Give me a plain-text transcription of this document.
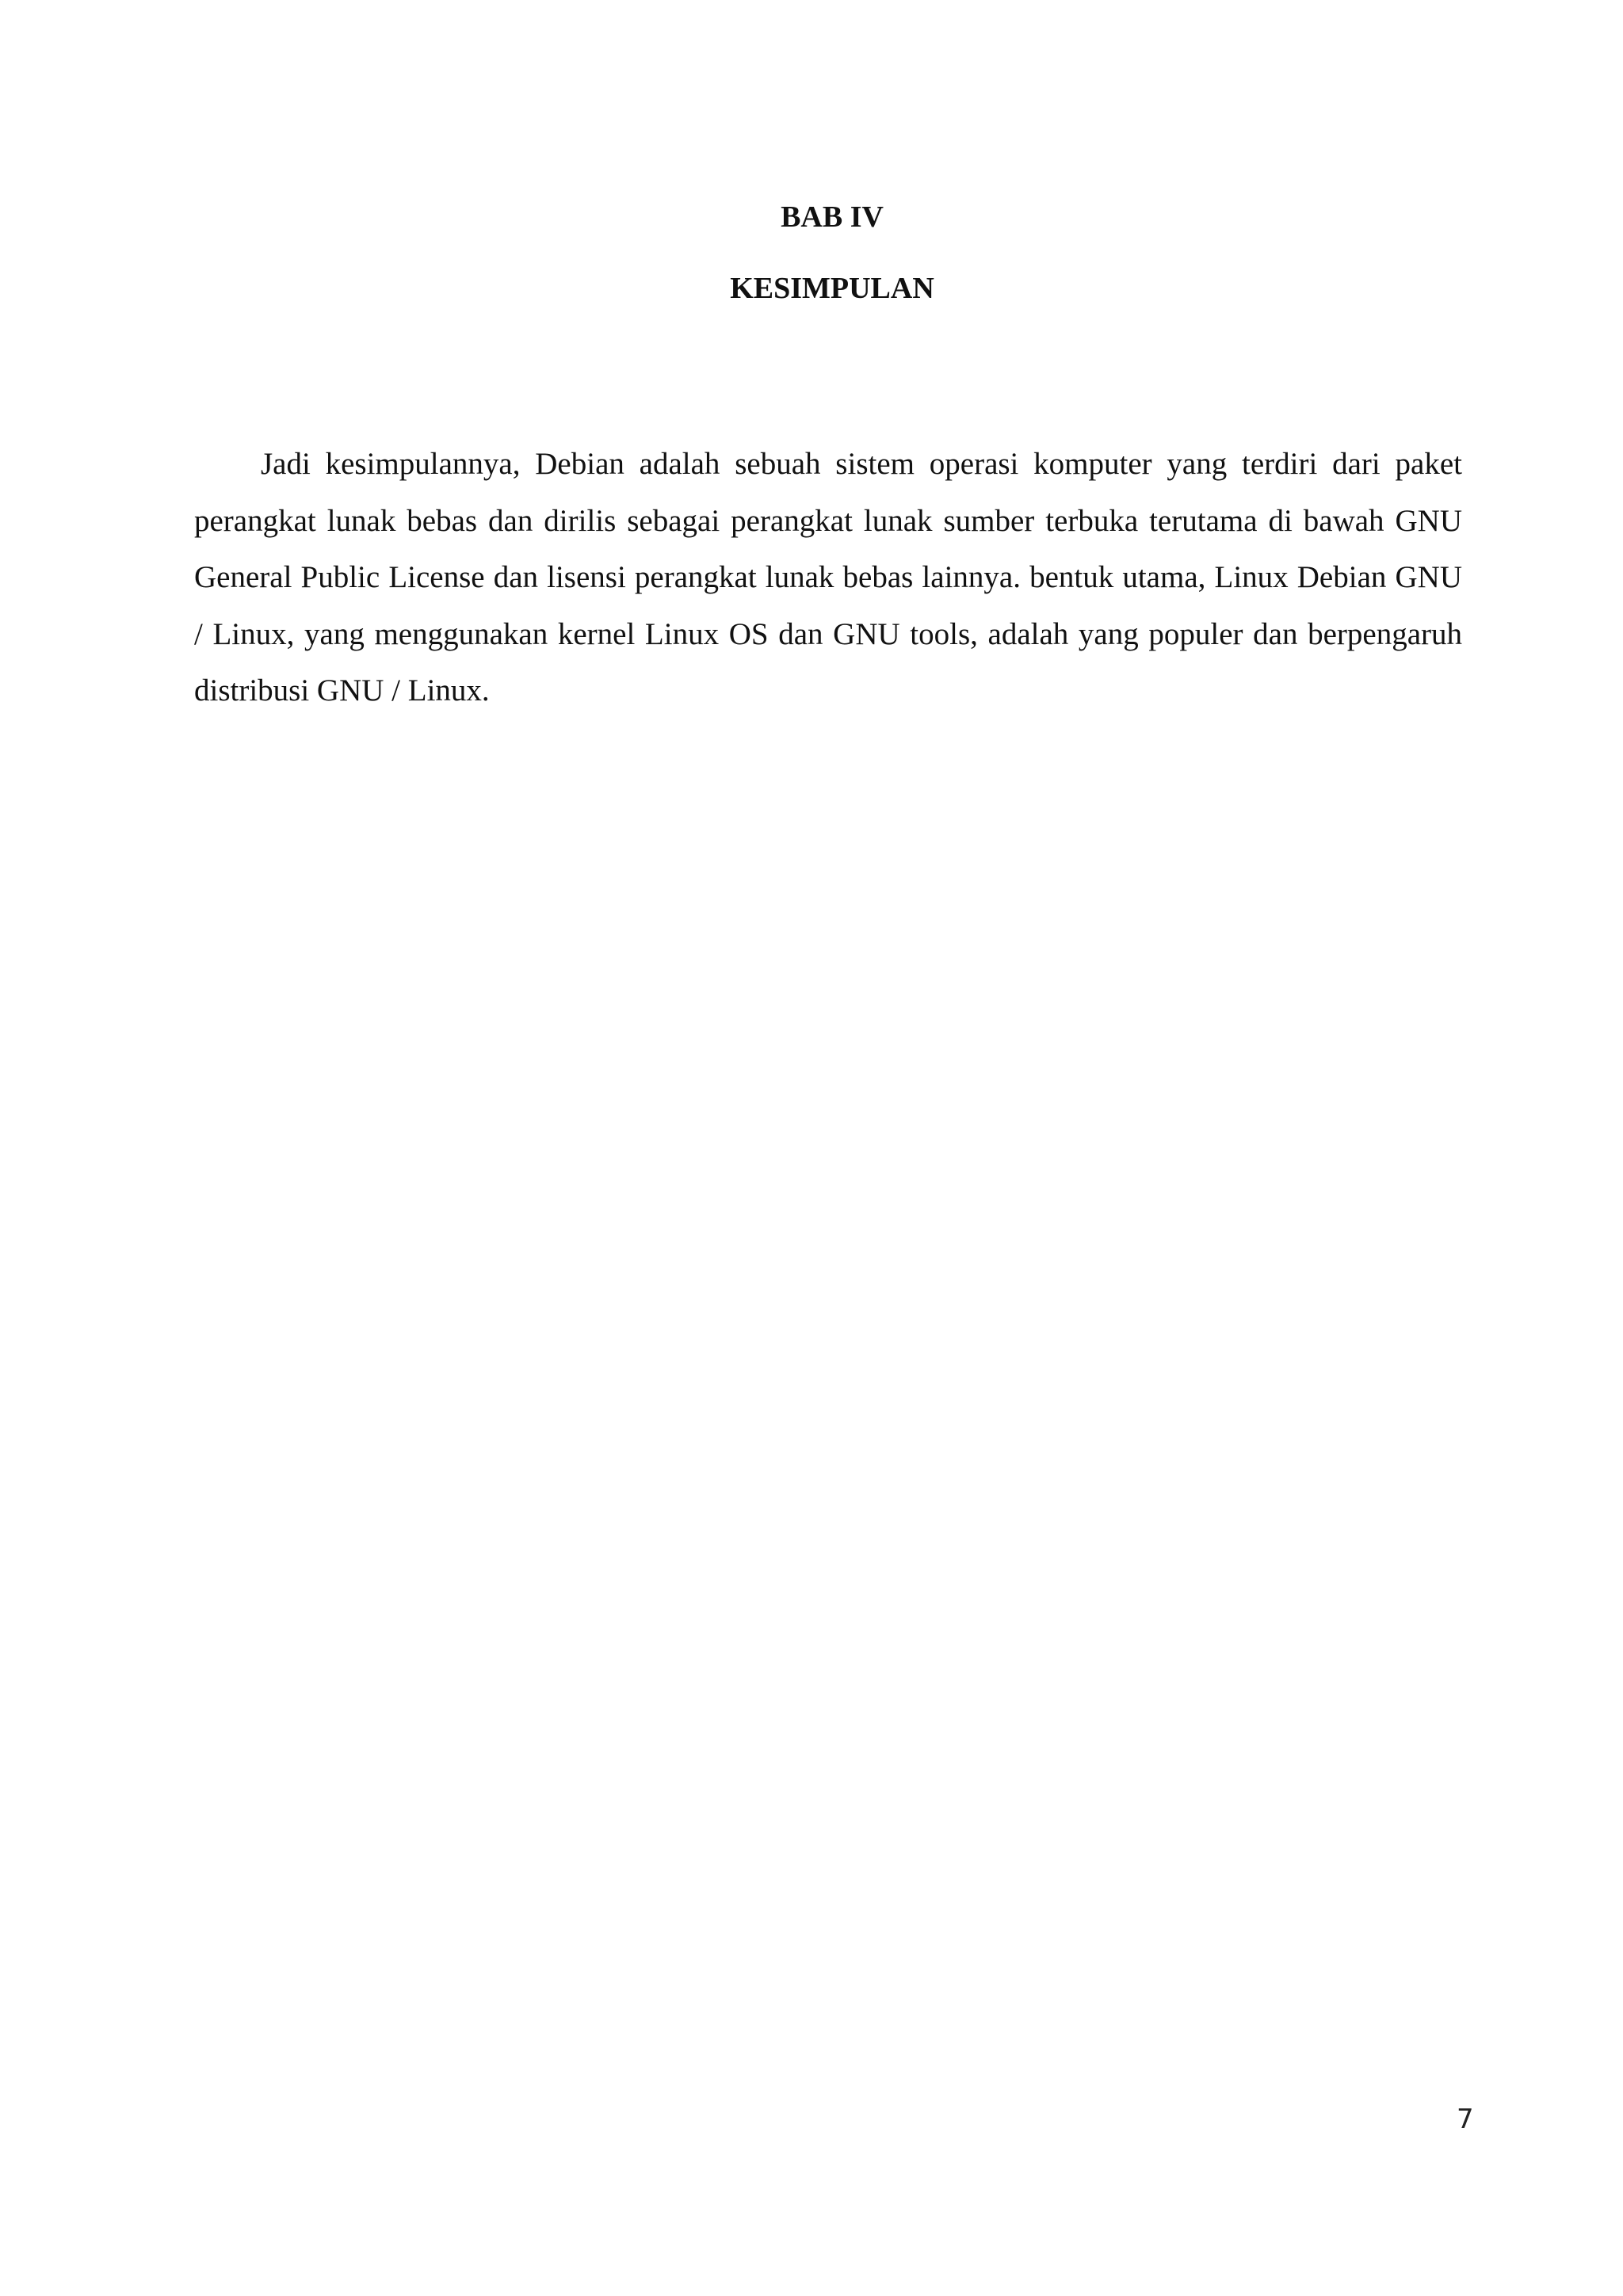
BAB IV
KESIMPULAN

Jadi kesimpulannya, Debian adalah sebuah sistem operasi komputer yang terdiri dari paket perangkat lunak bebas dan dirilis sebagai perangkat lunak sumber terbuka terutama di bawah GNU General Public License dan lisensi perangkat lunak bebas lainnya. bentuk utama, Linux Debian GNU / Linux, yang menggunakan kernel Linux OS dan GNU tools, adalah yang populer dan berpengaruh distribusi GNU / Linux.

7
